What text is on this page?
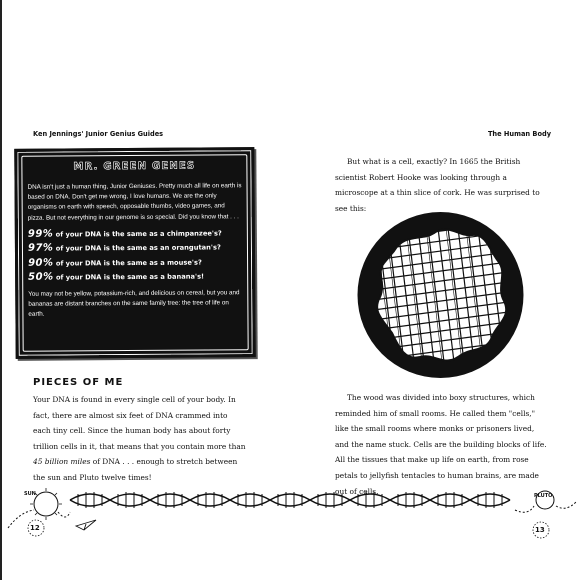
Ken Jennings' Junior Genius Guides	The Human Body
MR. GREEN GENES

DNA isn't just a human thing, Junior Geniuses. Pretty much all life on earth is based on DNA. Don't get me wrong, I love humans. We are the only organisms on earth with speech, opposable thumbs, video games, and pizza. But not everything in our genome is so special. Did you know that . . .

99% of your DNA is the same as a chimpanzee's?
97% of your DNA is the same as an orangutan's?
90% of your DNA is the same as a mouse's?
50% of your DNA is the same as a banana's!

You may not be yellow, potassium-rich, and delicious on cereal, but you and bananas are distant branches on the same family tree: the tree of life on earth.

PIECES OF ME

Your DNA is found in every single cell of your body. In fact, there are almost six feet of DNA crammed into each tiny cell. Since the human body has about forty trillion cells in it, that means that you contain more than 45 billion miles of DNA . . . enough to stretch between the sun and Pluto twelve times!

But what is a cell, exactly? In 1665 the British scientist Robert Hooke was looking through a microscope at a thin slice of cork. He was surprised to see this:

The wood was divided into boxy structures, which reminded him of small rooms. He called them "cells," like the small rooms where monks or prisoners lived, and the name stuck. Cells are the building blocks of life. All the tissues that make up life on earth, from rose petals to jellyfish tentacles to human brains, are made out of cells.

SUN
12
PLUTO
13
